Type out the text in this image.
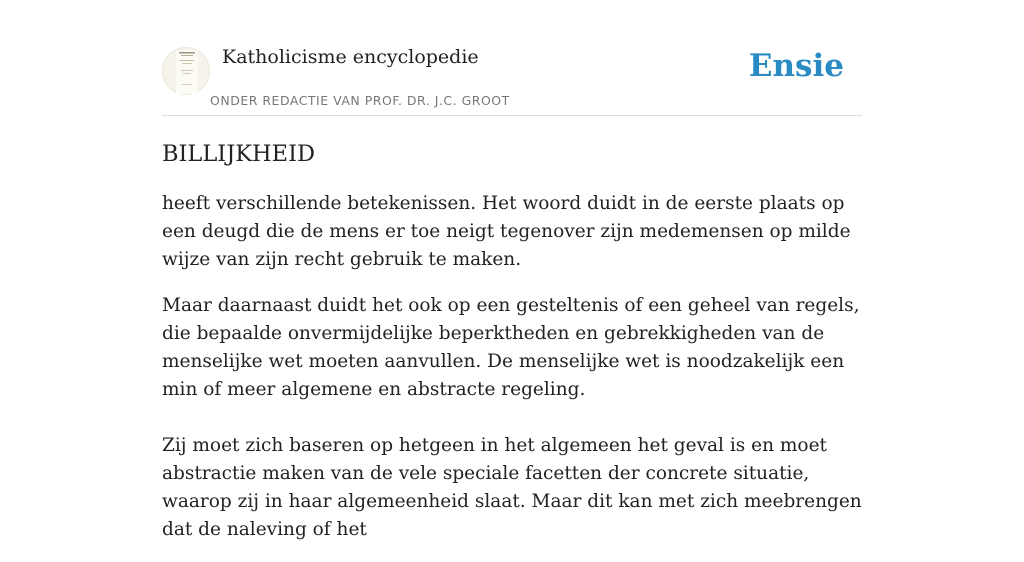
Katholicisme encyclopedie
ONDER REDACTIE VAN PROF. DR. J.C. GROOT
Ensie
BILLIJKHEID

heeft verschillende betekenissen. Het woord duidt in de eerste plaats op een deugd die de mens er toe neigt tegenover zijn medemensen op milde wijze van zijn recht gebruik te maken.

Maar daarnaast duidt het ook op een gesteltenis of een geheel van regels, die bepaalde onvermijdelijke beperktheden en gebrekkigheden van de menselijke wet moeten aanvullen. De menselijke wet is noodzakelijk een min of meer algemene en abstracte regeling.

Zij moet zich baseren op hetgeen in het algemeen het geval is en moet abstractie maken van de vele speciale facetten der concrete situatie, waarop zij in haar algemeenheid slaat. Maar dit kan met zich meebrengen dat de naleving of het
